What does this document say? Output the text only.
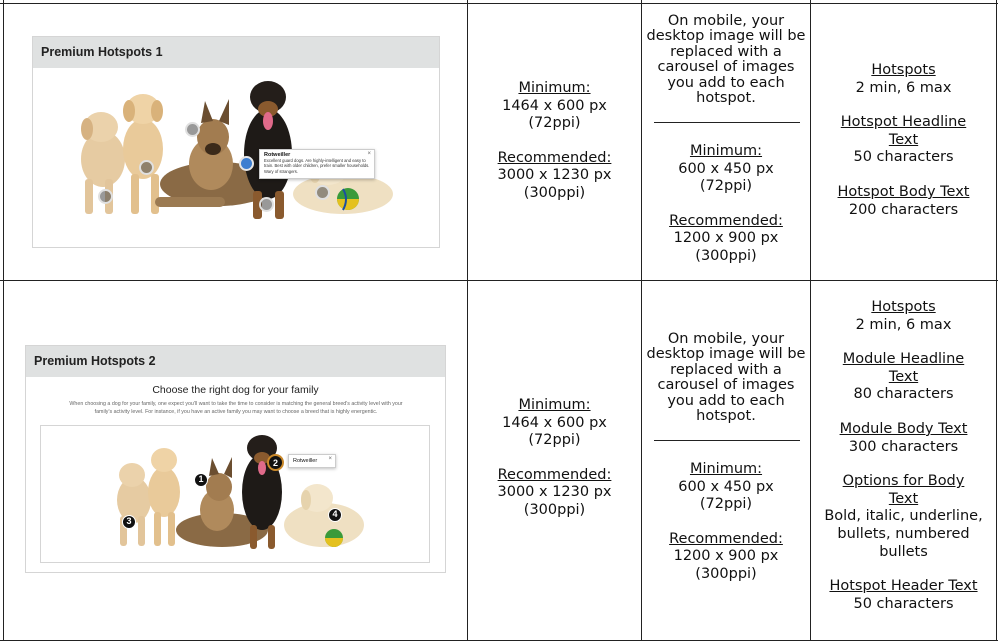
Premium Hotspots 1
Rotweiller
Excellent guard dogs. Are highly-intelligent and easy to train. Best with older children, prefer smaller households. Wary of strangers.
×
Minimum:
1464 x 600 px
(72ppi)
Recommended:
3000 x 1230 px
(300ppi)
On mobile, your
desktop image will be
replaced with a
carousel of images
you add to each
hotspot.
Minimum:
600 x 450 px
(72ppi)
Recommended:
1200 x 900 px
(300ppi)
Hotspots
2 min, 6 max
Hotspot Headline
Text
50 characters
Hotspot Body Text
200 characters
Premium Hotspots 2
Choose the right dog for your family
When choosing a dog for your family, one expect you'll want to take the time to consider is matching the general breed's activity level with your
family's activity level. For instance, if you have an active family you may want to choose a breed that is highly energentic.
1
2
3
4
Rotweiller	×
Minimum:
1464 x 600 px
(72ppi)
Recommended:
3000 x 1230 px
(300ppi)
On mobile, your
desktop image will be
replaced with a
carousel of images
you add to each
hotspot.
Minimum:
600 x 450 px
(72ppi)
Recommended:
1200 x 900 px
(300ppi)
Hotspots
2 min, 6 max
Module Headline
Text
80 characters
Module Body Text
300 characters
Options for Body
Text
Bold, italic, underline,
bullets, numbered
bullets
Hotspot Header Text
50 characters
